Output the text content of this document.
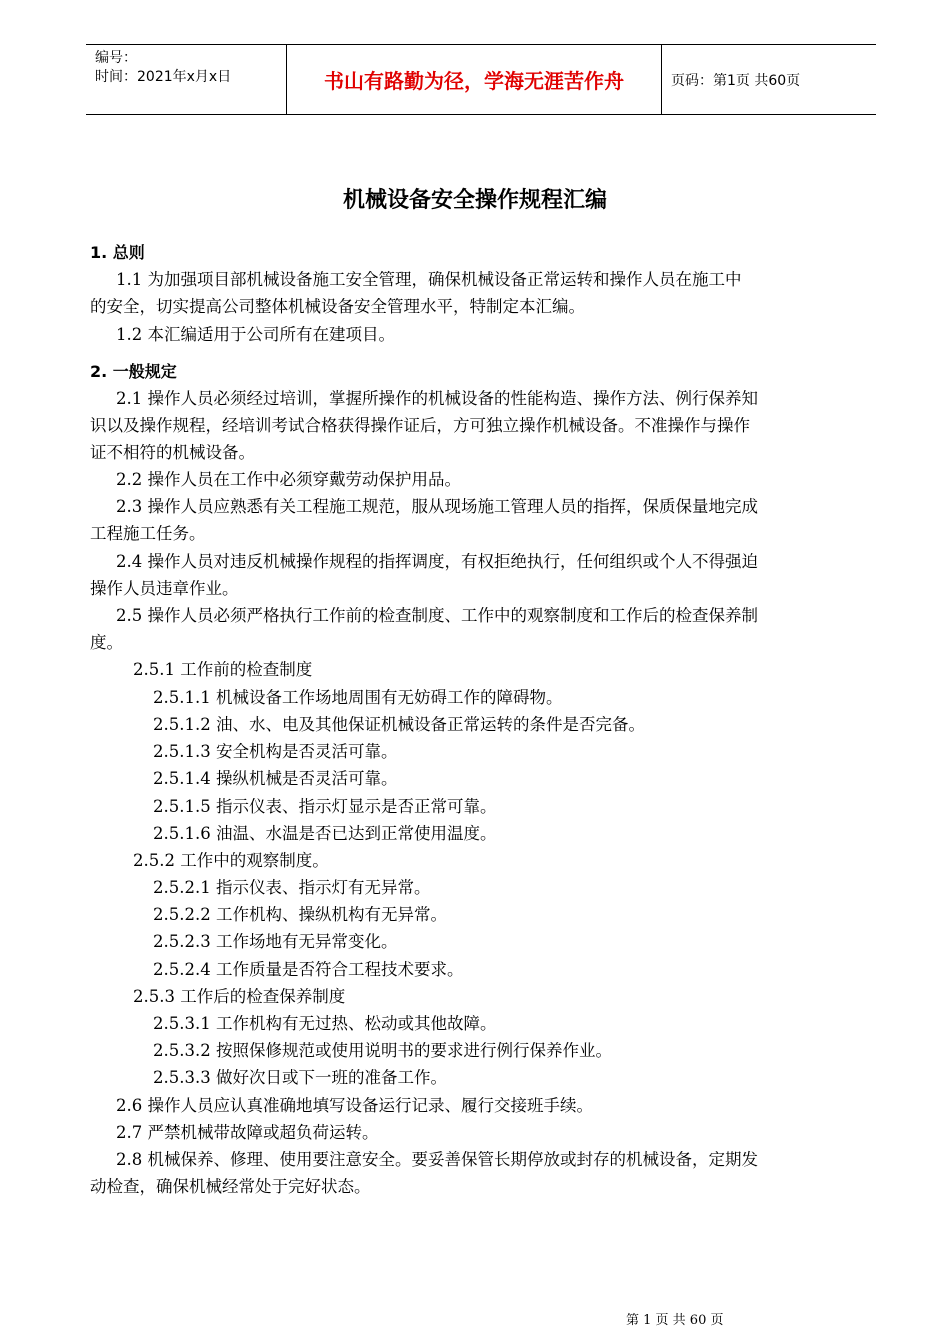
编号：
时间：2021年x月x日	书山有路勤为径，学海无涯苦作舟	页码：第1页 共60页
机械设备安全操作规程汇编
1. 总则
1.1 为加强项目部机械设备施工安全管理，确保机械设备正常运转和操作人员在施工中
的安全，切实提高公司整体机械设备安全管理水平，特制定本汇编。
1.2 本汇编适用于公司所有在建项目。
2. 一般规定
2.1 操作人员必须经过培训，掌握所操作的机械设备的性能构造、操作方法、例行保养知
识以及操作规程，经培训考试合格获得操作证后，方可独立操作机械设备。不准操作与操作
证不相符的机械设备。
2.2 操作人员在工作中必须穿戴劳动保护用品。
2.3 操作人员应熟悉有关工程施工规范，服从现场施工管理人员的指挥，保质保量地完成
工程施工任务。
2.4 操作人员对违反机械操作规程的指挥调度，有权拒绝执行，任何组织或个人不得强迫
操作人员违章作业。
2.5 操作人员必须严格执行工作前的检查制度、工作中的观察制度和工作后的检查保养制
度。
2.5.1 工作前的检查制度
2.5.1.1 机械设备工作场地周围有无妨碍工作的障碍物。
2.5.1.2 油、水、电及其他保证机械设备正常运转的条件是否完备。
2.5.1.3 安全机构是否灵活可靠。
2.5.1.4 操纵机械是否灵活可靠。
2.5.1.5 指示仪表、指示灯显示是否正常可靠。
2.5.1.6 油温、水温是否已达到正常使用温度。
2.5.2 工作中的观察制度。
2.5.2.1 指示仪表、指示灯有无异常。
2.5.2.2 工作机构、操纵机构有无异常。
2.5.2.3 工作场地有无异常变化。
2.5.2.4 工作质量是否符合工程技术要求。
2.5.3 工作后的检查保养制度
2.5.3.1 工作机构有无过热、松动或其他故障。
2.5.3.2 按照保修规范或使用说明书的要求进行例行保养作业。
2.5.3.3 做好次日或下一班的准备工作。
2.6 操作人员应认真准确地填写设备运行记录、履行交接班手续。
2.7 严禁机械带故障或超负荷运转。
2.8 机械保养、修理、使用要注意安全。要妥善保管长期停放或封存的机械设备，定期发
动检查，确保机械经常处于完好状态。
第 1 页 共 60 页
